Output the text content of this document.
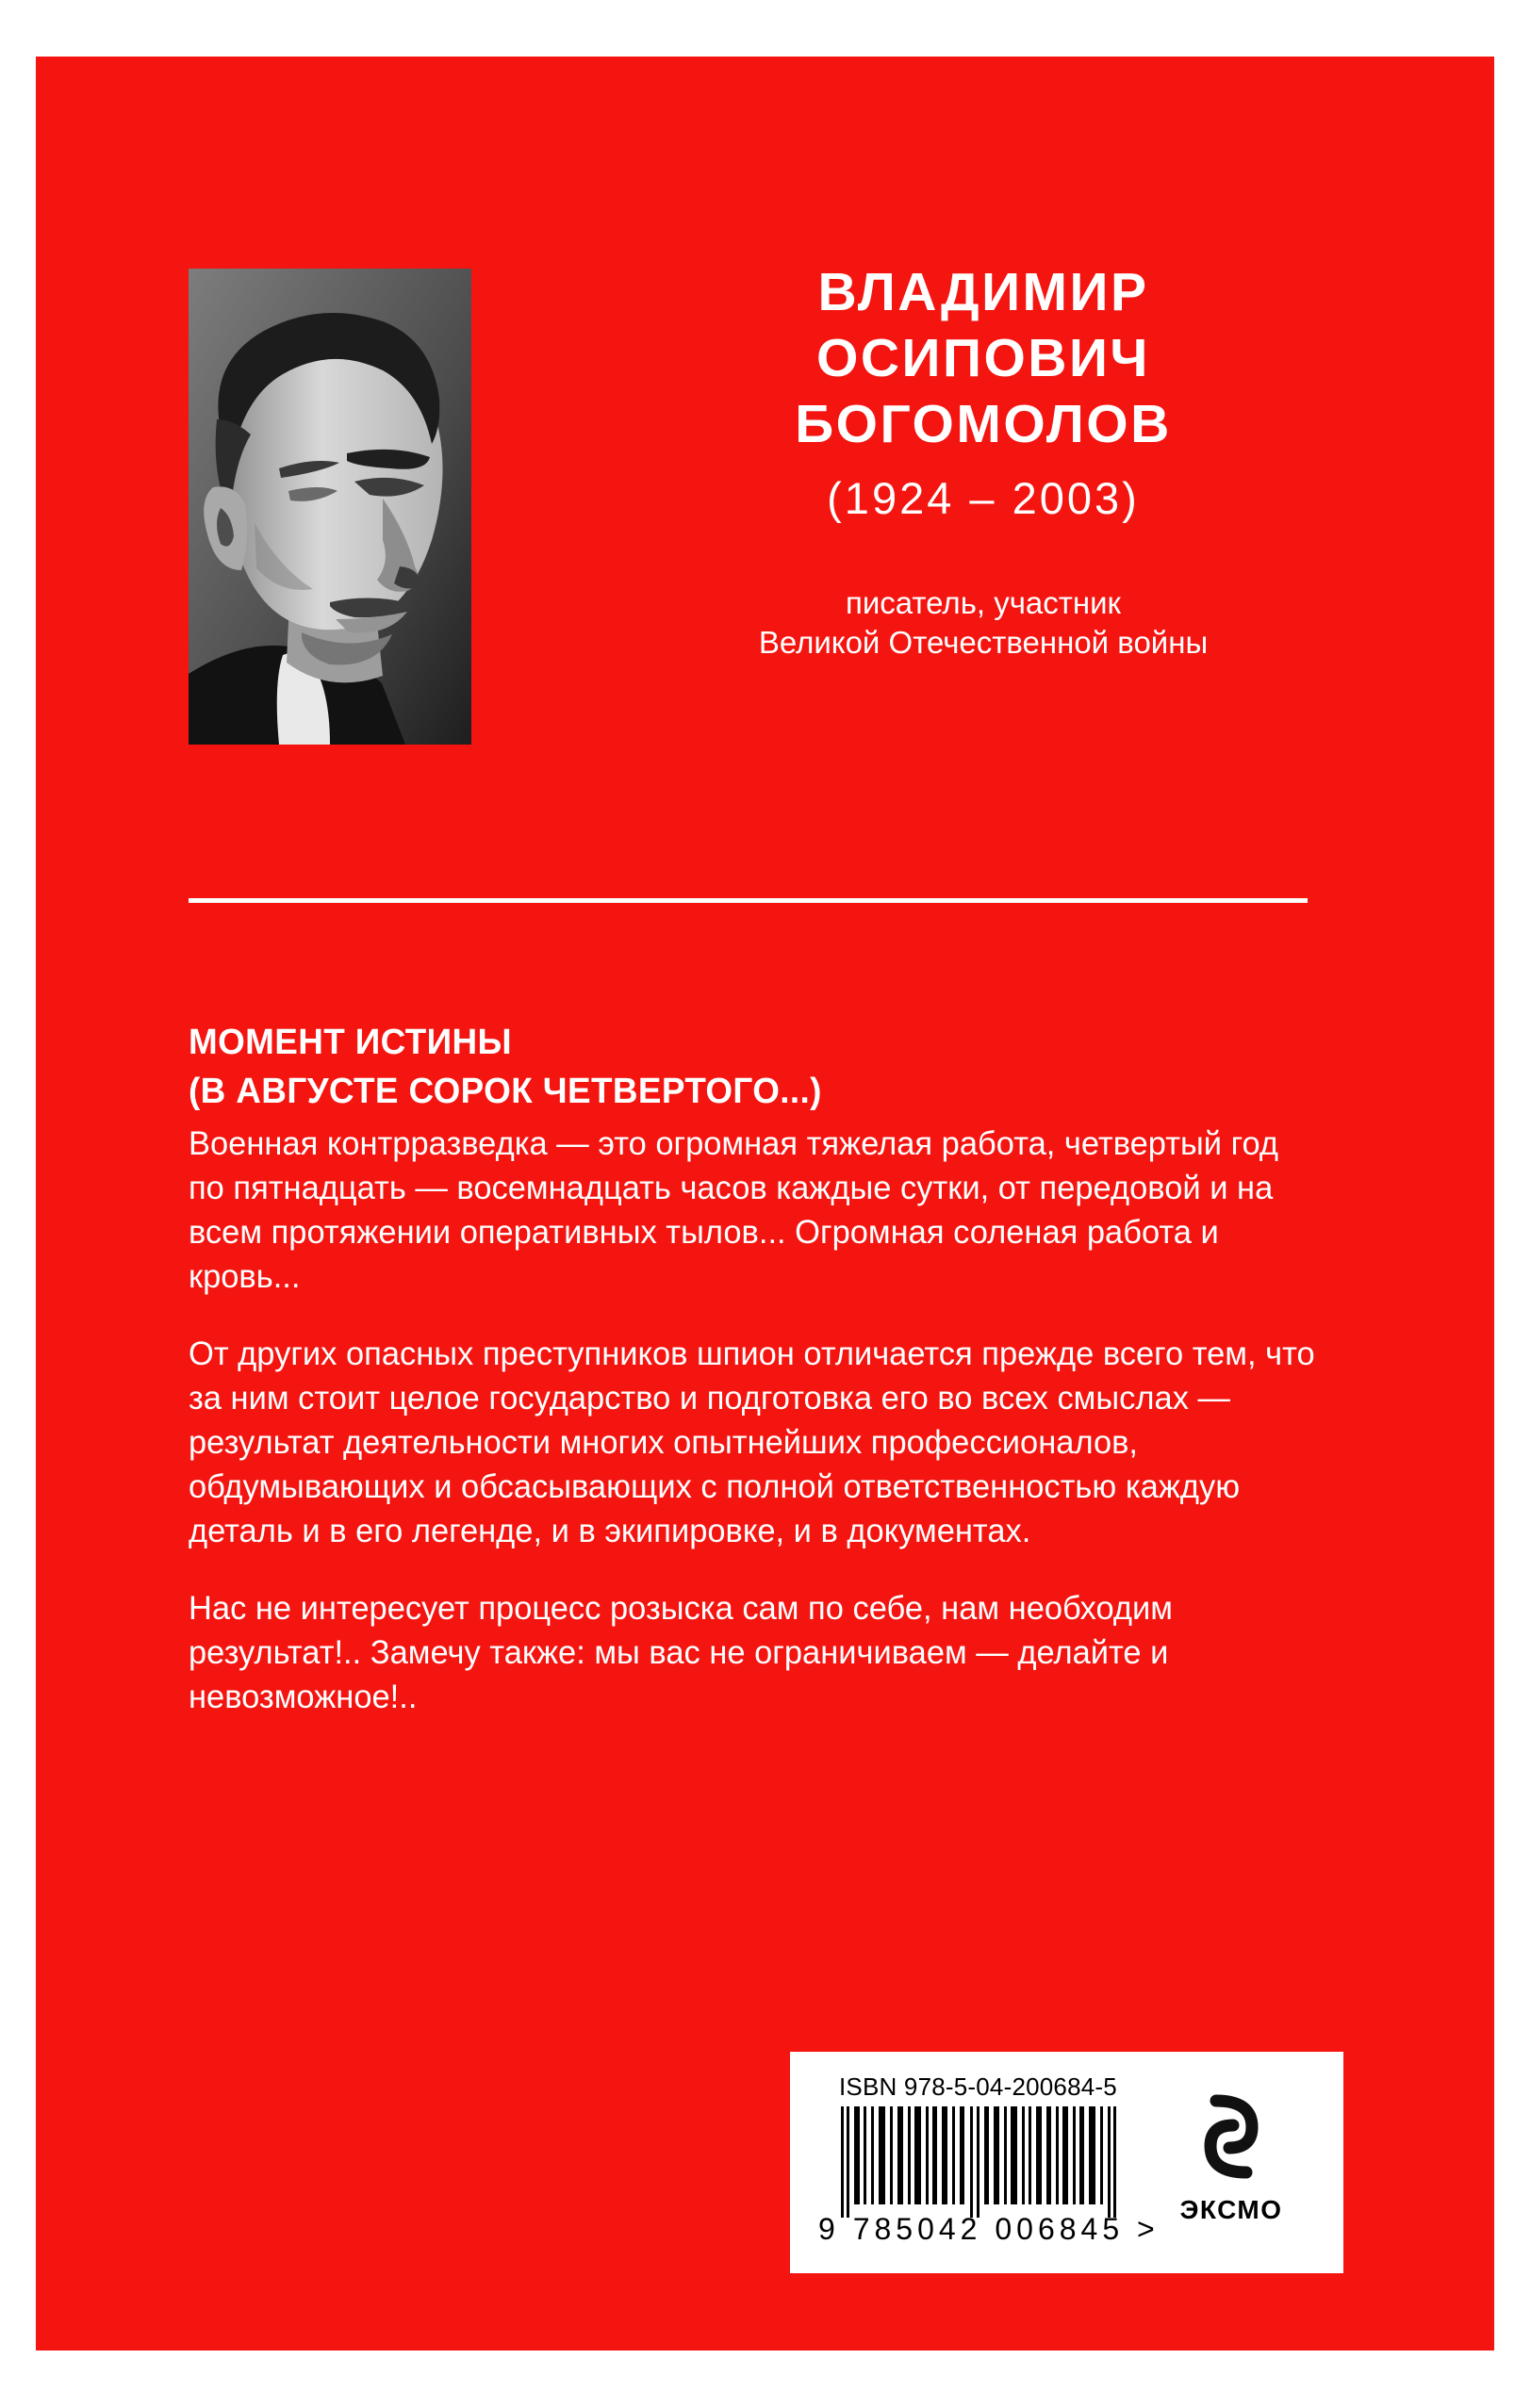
ВЛАДИМИР
ОСИПОВИЧ
БОГОМОЛОВ
(1924 – 2003)
писатель, участник
Великой Отечественной войны
МОМЕНТ ИСТИНЫ
(В АВГУСТЕ СОРОК ЧЕТВЕРТОГО...)

Военная контрразведка — это огромная тяжелая работа, четвертый год по пятнадцать — восемнадцать часов каждые сутки, от передовой и на всем протяжении оперативных тылов... Огромная соленая работа и кровь...

От других опасных преступников шпион отличается прежде всего тем, что за ним стоит целое государство и подготовка его во всех смыслах — результат деятельности многих опытнейших профессионалов, обдумывающих и обсасывающих с полной ответственностью каждую деталь и в его легенде, и в экипировке, и в документах.

Нас не интересует процесс розыска сам по себе, нам необходим результат!.. Замечу также: мы вас не ограничиваем — делайте и невозможное!..

ISBN 978-5-04-200684-5
9 785042 006845 >
ЭКСМО
